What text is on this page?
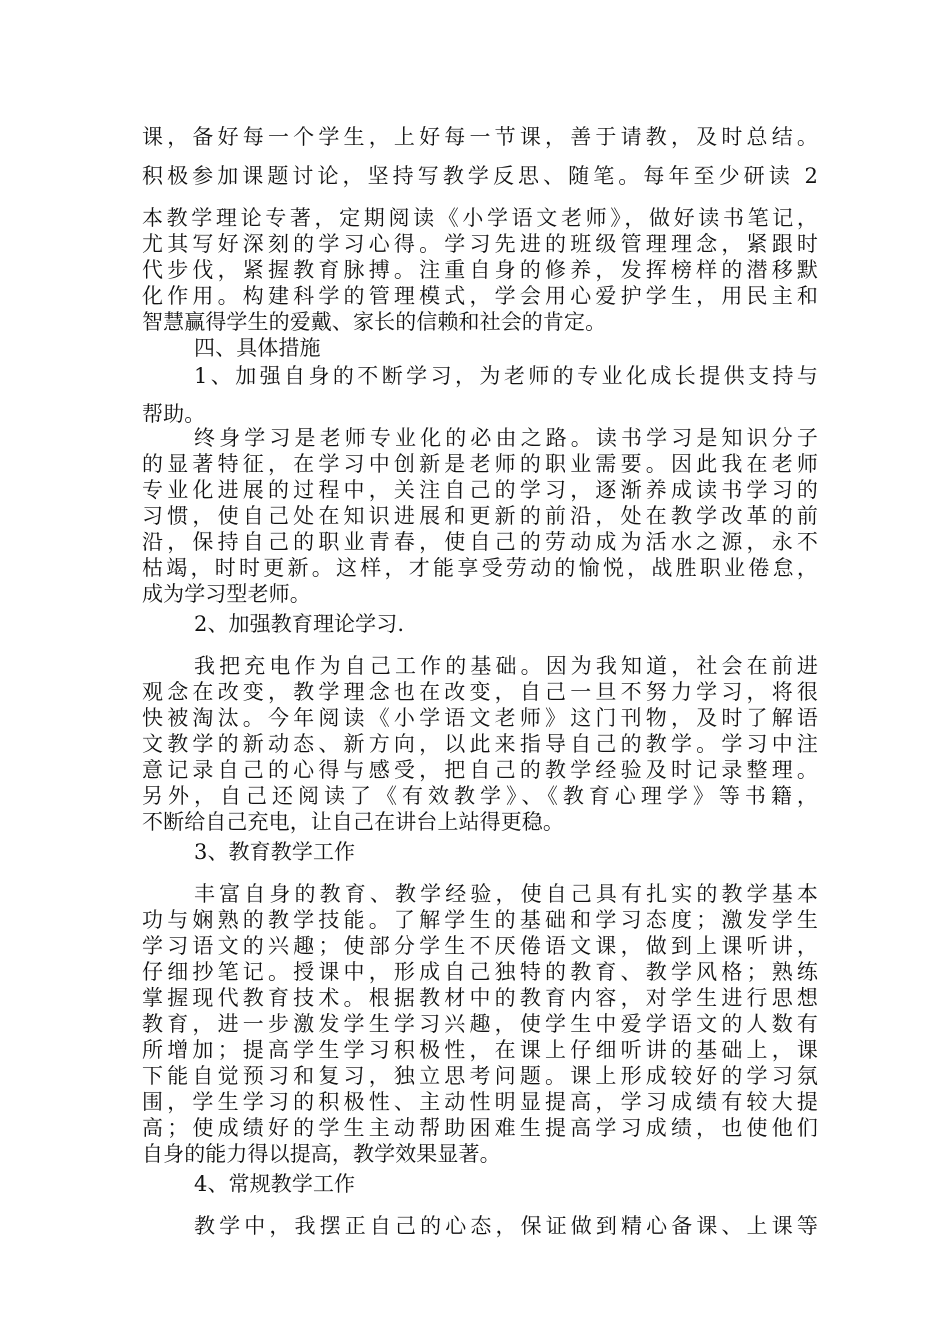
课，备好每一个学生，上好每一节课，善于请教，及时总结。
积极参加课题讨论，坚持写教学反思、随笔。每年至少研读 2
本教学理论专著，定期阅读《小学语文老师》，做好读书笔记，
尤其写好深刻的学习心得。学习先进的班级管理理念，紧跟时
代步伐，紧握教育脉搏。注重自身的修养，发挥榜样的潜移默
化作用。构建科学的管理模式，学会用心爱护学生，用民主和
智慧赢得学生的爱戴、家长的信赖和社会的肯定。
四、具体措施
1、加强自身的不断学习，为老师的专业化成长提供支持与
帮助。
终身学习是老师专业化的必由之路。读书学习是知识分子
的显著特征，在学习中创新是老师的职业需要。因此我在老师
专业化进展的过程中，关注自己的学习，逐渐养成读书学习的
习惯，使自己处在知识进展和更新的前沿，处在教学改革的前
沿，保持自己的职业青春，使自己的劳动成为活水之源，永不
枯竭，时时更新。这样，才能享受劳动的愉悦，战胜职业倦怠，
成为学习型老师。
2、加强教育理论学习.
我把充电作为自己工作的基础。因为我知道，社会在前进
观念在改变，教学理念也在改变，自己一旦不努力学习，将很
快被淘汰。今年阅读《小学语文老师》这门刊物，及时了解语
文教学的新动态、新方向，以此来指导自己的教学。学习中注
意记录自己的心得与感受，把自己的教学经验及时记录整理。
另外，自己还阅读了《有效教学》、《教育心理学》等书籍，
不断给自己充电，让自己在讲台上站得更稳。
3、教育教学工作
丰富自身的教育、教学经验，使自己具有扎实的教学基本
功与娴熟的教学技能。了解学生的基础和学习态度；激发学生
学习语文的兴趣；使部分学生不厌倦语文课，做到上课听讲，
仔细抄笔记。授课中，形成自己独特的教育、教学风格；熟练
掌握现代教育技术。根据教材中的教育内容，对学生进行思想
教育，进一步激发学生学习兴趣，使学生中爱学语文的人数有
所增加；提高学生学习积极性，在课上仔细听讲的基础上，课
下能自觉预习和复习，独立思考问题。课上形成较好的学习氛
围，学生学习的积极性、主动性明显提高，学习成绩有较大提
高；使成绩好的学生主动帮助困难生提高学习成绩，也使他们
自身的能力得以提高，教学效果显著。
4、常规教学工作
教学中，我摆正自己的心态，保证做到精心备课、上课等
